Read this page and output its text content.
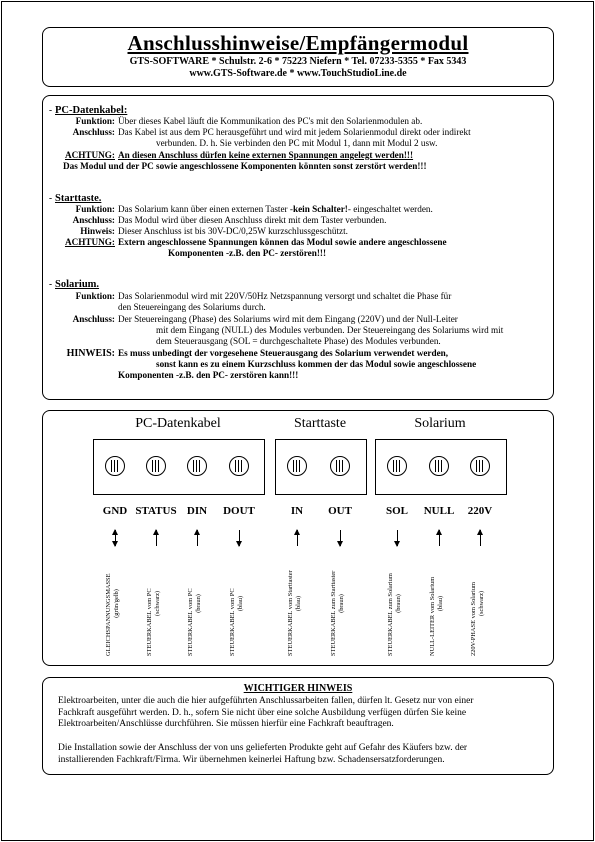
Anschlusshinweise/Empfängermodul
GTS-SOFTWARE * Schulstr. 2-6 * 75223 Niefern * Tel. 07233-5355 * Fax 5343
www.GTS-Software.de * www.TouchStudioLine.de
- PC-Datenkabel:
Funktion: Über dieses Kabel läuft die Kommunikation des PC's mit den Solarienmodulen ab.
Anschluss: Das Kabel ist aus dem PC herausgeführt und wird mit jedem Solarienmodul direkt oder indirekt
verbunden. D. h. Sie verbinden den PC mit Modul 1, dann mit Modul 2 usw.
ACHTUNG: An diesen Anschluss dürfen keine externen Spannungen angelegt werden!!!
Das Modul und der PC sowie angeschlossene Komponenten könnten sonst zerstört werden!!!
- Starttaste.
Funktion: Das Solarium kann über einen externen Taster -kein Schalter!- eingeschaltet werden.
Anschluss: Das Modul wird über diesen Anschluss direkt mit dem Taster verbunden.
Hinweis: Dieser Anschluss ist bis 30V-DC/0,25W kurzschlussgeschützt.
ACHTUNG: Extern angeschlossene Spannungen können das Modul sowie andere angeschlossene
Komponenten -z.B. den PC- zerstören!!!
- Solarium.
Funktion: Das Solarienmodul wird mit 220V/50Hz Netzspannung versorgt und schaltet die Phase für
den Steuereingang des Solariums durch.
Anschluss: Der Steuereingang (Phase) des Solariums wird mit dem Eingang (220V) und der Null-Leiter
mit dem Eingang (NULL) des Modules verbunden. Der Steuereingang des Solariums wird mit
dem Steuerausgang (SOL = durchgeschaltete Phase) des Modules verbunden.
HINWEIS: Es muss unbedingt der vorgesehene Steuerausgang des Solarium verwendet werden,
sonst kann es zu einem Kurzschluss kommen der das Modul sowie angeschlossene
Komponenten -z.B. den PC- zerstören kann!!!
PC-Datenkabel	Starttaste	Solarium
GND
GLEICHSPANNUNGSMASSE (grün/gelb)
STATUS
STEUERKABEL vom PC (schwarz)
DIN
STEUERKABEL vom PC (braun)
DOUT
STEUERKABEL vom PC (blau)
IN
STEUERKABEL vom Starttaster (blau)
OUT
STEUERKABEL zum Starttaster (braun)
SOL
STEUERKABEL zum Solarium (braun)
NULL
NULL-LEITER vom Solarium (blau)
220V
220V-PHASE vom Solarium (schwarz)
WICHTIGER HINWEIS
Elektroarbeiten, unter die auch die hier aufgeführten Anschlussarbeiten fallen, dürfen lt. Gesetz nur von einer
Fachkraft ausgeführt werden. D. h., sofern Sie nicht über eine solche Ausbildung verfügen dürfen Sie keine
Elektroarbeiten/Anschlüsse durchführen. Sie müssen hierfür eine Fachkraft beauftragen.
Die Installation sowie der Anschluss der von uns gelieferten Produkte geht auf Gefahr des Käufers bzw. der
installierenden Fachkraft/Firma. Wir übernehmen keinerlei Haftung bzw. Schadensersatzforderungen.
